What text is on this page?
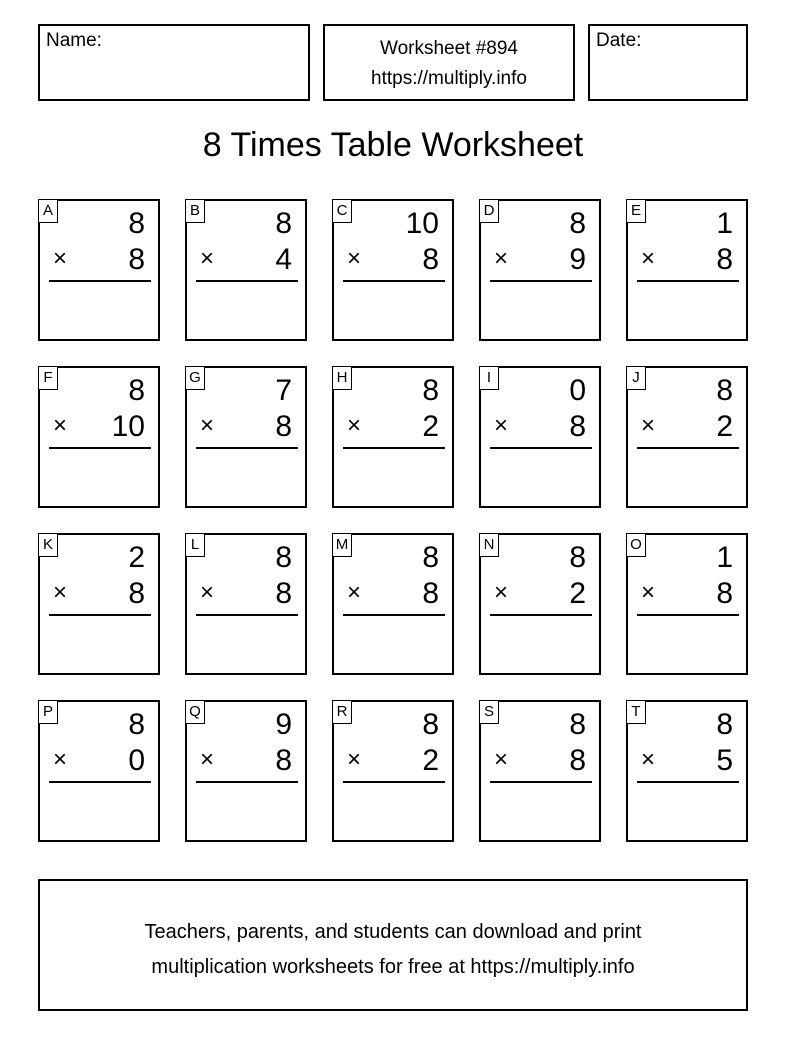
Name:	Worksheet #894
https://multiply.info
Date:
8 Times Table Worksheet
A	8
× 8
B	8
× 4
C 10
× 8
D 8
× 9
E	1
× 8
F	8
× 10
G 7
× 8
H 8
× 2
I	0
× 8
J	8
× 2
K	2
× 8
L	8
× 8
M 8
× 8
N 8
× 2
O 1
× 8
P	8
× 0
Q 9
× 8
R 8
× 2
S	8
× 8
T	8
× 5
Teachers, parents, and students can download and print
multiplication worksheets for free at https://multiply.info
